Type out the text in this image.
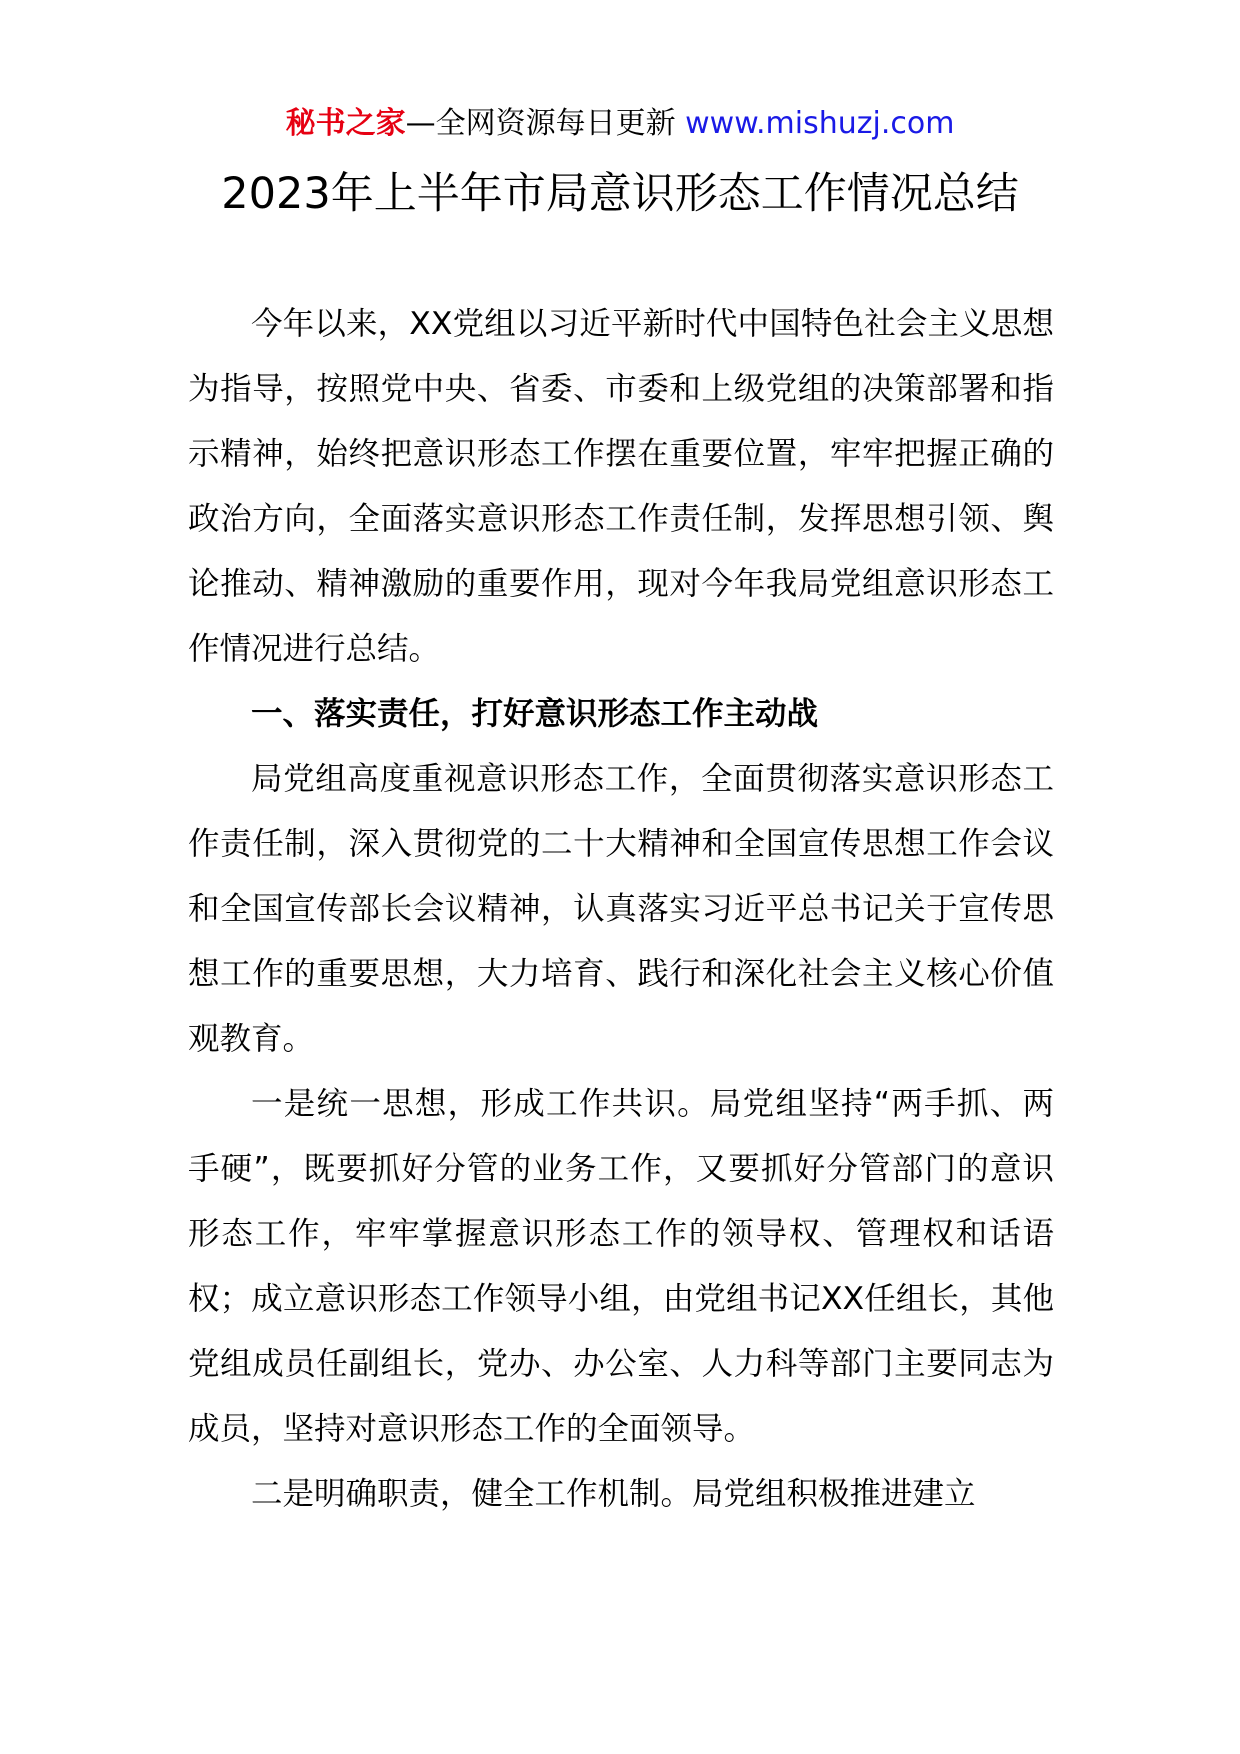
秘书之家—全网资源每日更新 www.mishuzj.com
2023年上半年市局意识形态工作情况总结

今年以来，XX党组以习近平新时代中国特色社会主义思想为指导，按照党中央、省委、市委和上级党组的决策部署和指示精神，始终把意识形态工作摆在重要位置，牢牢把握正确的政治方向，全面落实意识形态工作责任制，发挥思想引领、舆论推动、精神激励的重要作用，现对今年我局党组意识形态工作情况进行总结。

一、落实责任，打好意识形态工作主动战

局党组高度重视意识形态工作，全面贯彻落实意识形态工作责任制，深入贯彻党的二十大精神和全国宣传思想工作会议和全国宣传部长会议精神，认真落实习近平总书记关于宣传思想工作的重要思想，大力培育、践行和深化社会主义核心价值观教育。

一是统一思想，形成工作共识。局党组坚持“两手抓、两手硬”，既要抓好分管的业务工作，又要抓好分管部门的意识形态工作，牢牢掌握意识形态工作的领导权、管理权和话语权；成立意识形态工作领导小组，由党组书记XX任组长，其他党组成员任副组长，党办、办公室、人力科等部门主要同志为成员，坚持对意识形态工作的全面领导。

二是明确职责，健全工作机制。局党组积极推进建立
